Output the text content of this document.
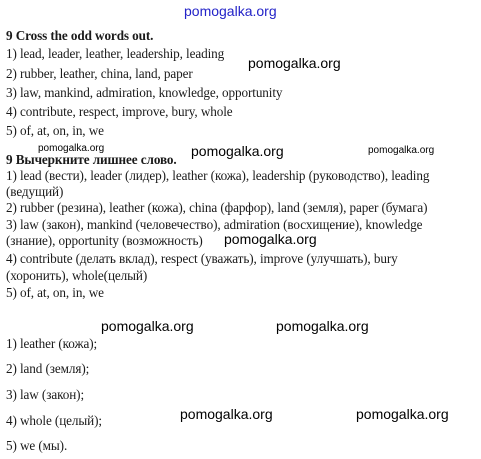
pomogalka.org
9 Cross the odd words out.
1) lead, leader, leather, leadership, leading
2) rubber, leather, china, land, paper
3) law, mankind, admiration, knowledge, opportunity
4) contribute, respect, improve, bury, whole
5) of, at, on, in, we
9 Вычеркните лишнее слово.
1) lead (вести), leader (лидер), leather (кожа), leadership (руководство), leading
(ведущий)
2) rubber (резина), leather (кожа), china (фарфор), land (земля), paper (бумага)
3) law (закон), mankind (человечество), admiration (восхищение), knowledge
(знание), opportunity (возможность)
4) contribute (делать вклад), respect (уважать), improve (улучшать), bury
(хоронить), whole(целый)
5) of, at, on, in, we
1) leather (кожа);
2) land (земля);
3) law (закон);
4) whole (целый);
5) we (мы).
pomogalka.org
pomogalka.org	pomogalka.org	pomogalka.org
pomogalka.org
pomogalka.org	pomogalka.org
pomogalka.org	pomogalka.org
